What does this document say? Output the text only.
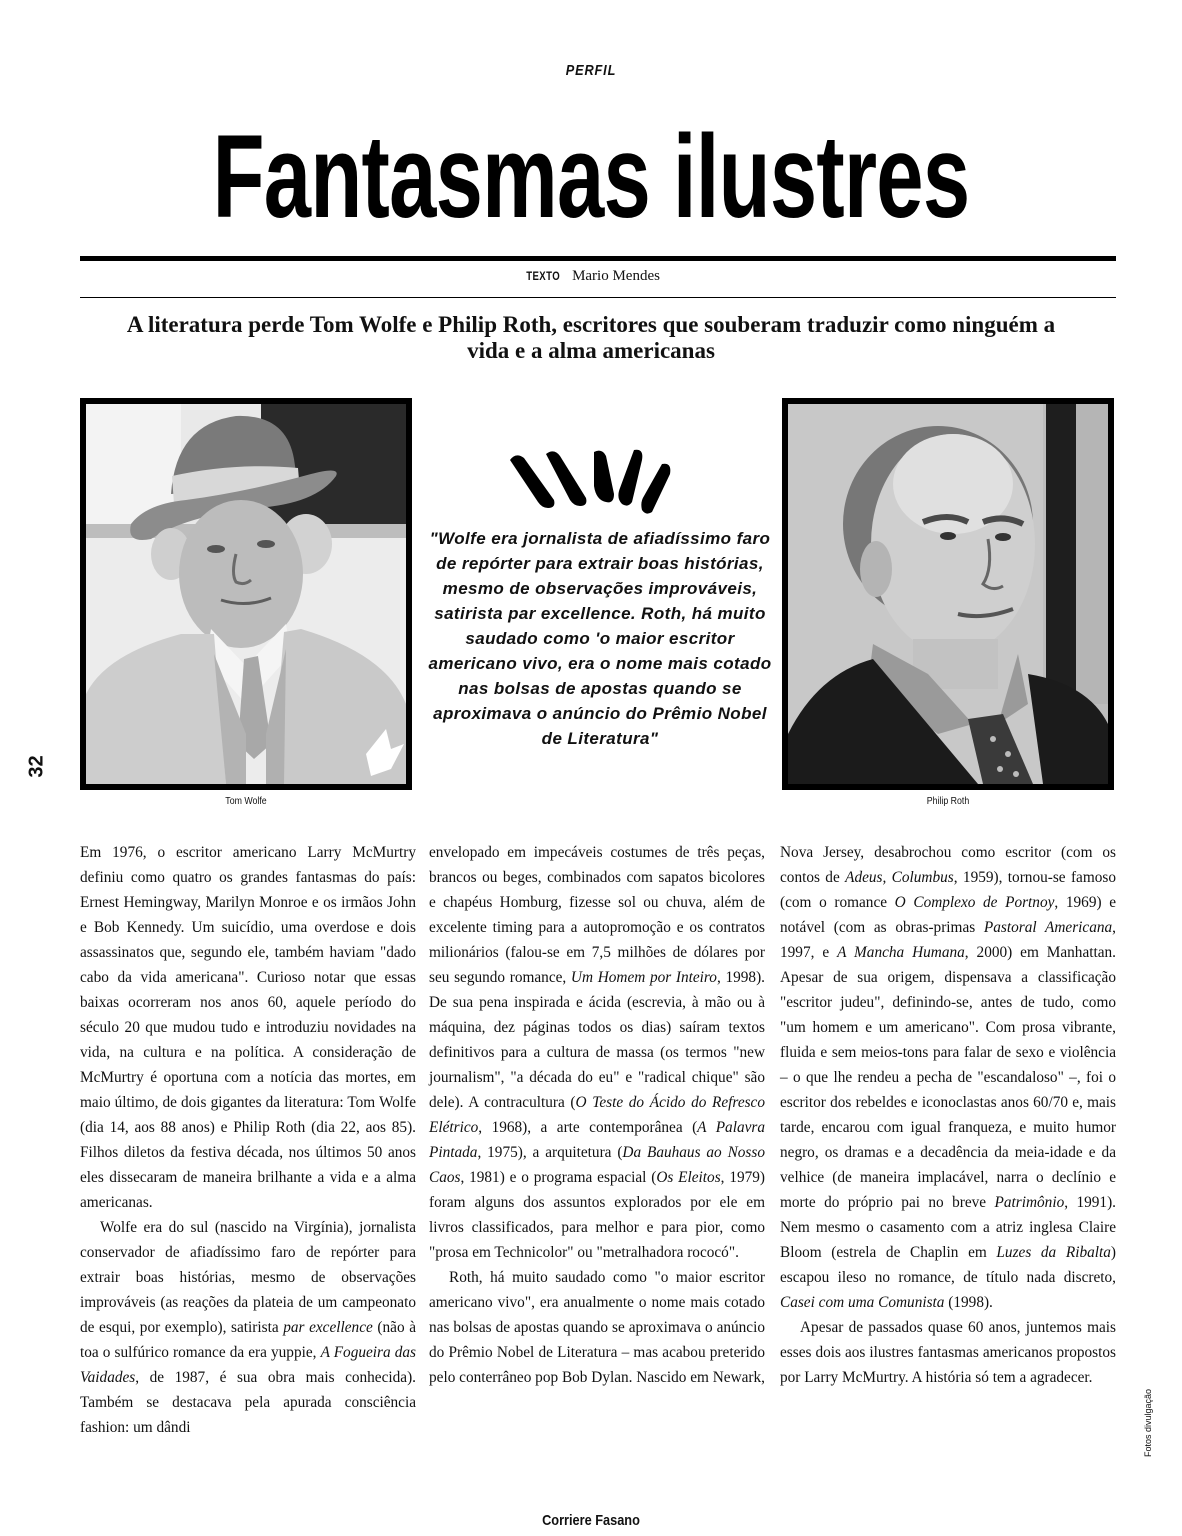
PERFIL
Fantasmas ilustres
TEXTO Mario Mendes
A literatura perde Tom Wolfe e Philip Roth, escritores que souberam traduzir como ninguém a vida e a alma americanas
Tom Wolfe	Philip Roth
32
"Wolfe era jornalista de afiadíssimo faro de repórter para extrair boas histórias, mesmo de observações improváveis, satirista par excellence. Roth, há muito saudado como 'o maior escritor americano vivo, era o nome mais cotado nas bolsas de apostas quando se aproximava o anúncio do Prêmio Nobel de Literatura"

Em 1976, o escritor americano Larry McMurtry definiu como quatro os grandes fantasmas do país: Ernest Hemingway, Marilyn Monroe e os irmãos John e Bob Kennedy. Um suicídio, uma overdose e dois assassinatos que, segundo ele, também haviam "dado cabo da vida americana". Curioso notar que essas baixas ocorreram nos anos 60, aquele período do século 20 que mudou tudo e introduziu novidades na vida, na cultura e na política. A consideração de McMurtry é oportuna com a notícia das mortes, em maio último, de dois gigantes da literatura: Tom Wolfe (dia 14, aos 88 anos) e Philip Roth (dia 22, aos 85). Filhos diletos da festiva década, nos últimos 50 anos eles dissecaram de maneira brilhante a vida e a alma americanas.

Wolfe era do sul (nascido na Virgínia), jornalista conservador de afiadíssimo faro de repórter para extrair boas histórias, mesmo de observações improváveis (as reações da plateia de um campeonato de esqui, por exemplo), satirista par excellence (não à toa o sulfúrico romance da era yuppie, A Fogueira das Vaidades, de 1987, é sua obra mais conhecida). Também se destacava pela apurada consciência fashion: um dândi

envelopado em impecáveis costumes de três peças, brancos ou beges, combinados com sapatos bicolores e chapéus Homburg, fizesse sol ou chuva, além de excelente timing para a autopromoção e os contratos milionários (falou-se em 7,5 milhões de dólares por seu segundo romance, Um Homem por Inteiro, 1998). De sua pena inspirada e ácida (escrevia, à mão ou à máquina, dez páginas todos os dias) saíram textos definitivos para a cultura de massa (os termos "new journalism", "a década do eu" e "radical chique" são dele). A contracultura (O Teste do Ácido do Refresco Elétrico, 1968), a arte contemporânea (A Palavra Pintada, 1975), a arquitetura (Da Bauhaus ao Nosso Caos, 1981) e o programa espacial (Os Eleitos, 1979) foram alguns dos assuntos explorados por ele em livros classificados, para melhor e para pior, como "prosa em Technicolor" ou "metralhadora rococó".

Roth, há muito saudado como "o maior escritor americano vivo", era anualmente o nome mais cotado nas bolsas de apostas quando se aproximava o anúncio do Prêmio Nobel de Literatura – mas acabou preterido pelo conterrâneo pop Bob Dylan. Nascido em Newark,

Nova Jersey, desabrochou como escritor (com os contos de Adeus, Columbus, 1959), tornou-se famoso (com o romance O Complexo de Portnoy, 1969) e notável (com as obras-primas Pastoral Americana, 1997, e A Mancha Humana, 2000) em Manhattan. Apesar de sua origem, dispensava a classificação "escritor judeu", definindo-se, antes de tudo, como "um homem e um americano". Com prosa vibrante, fluida e sem meios-tons para falar de sexo e violência – o que lhe rendeu a pecha de "escandaloso" –, foi o escritor dos rebeldes e iconoclastas anos 60/70 e, mais tarde, encarou com igual franqueza, e muito humor negro, os dramas e a decadência da meia-idade e da velhice (de maneira implacável, narra o declínio e morte do próprio pai no breve Patrimônio, 1991). Nem mesmo o casamento com a atriz inglesa Claire Bloom (estrela de Chaplin em Luzes da Ribalta) escapou ileso no romance, de título nada discreto, Casei com uma Comunista (1998).

Apesar de passados quase 60 anos, juntemos mais esses dois aos ilustres fantasmas americanos propostos por Larry McMurtry. A história só tem a agradecer.

Fotos divulgação
Corriere Fasano
